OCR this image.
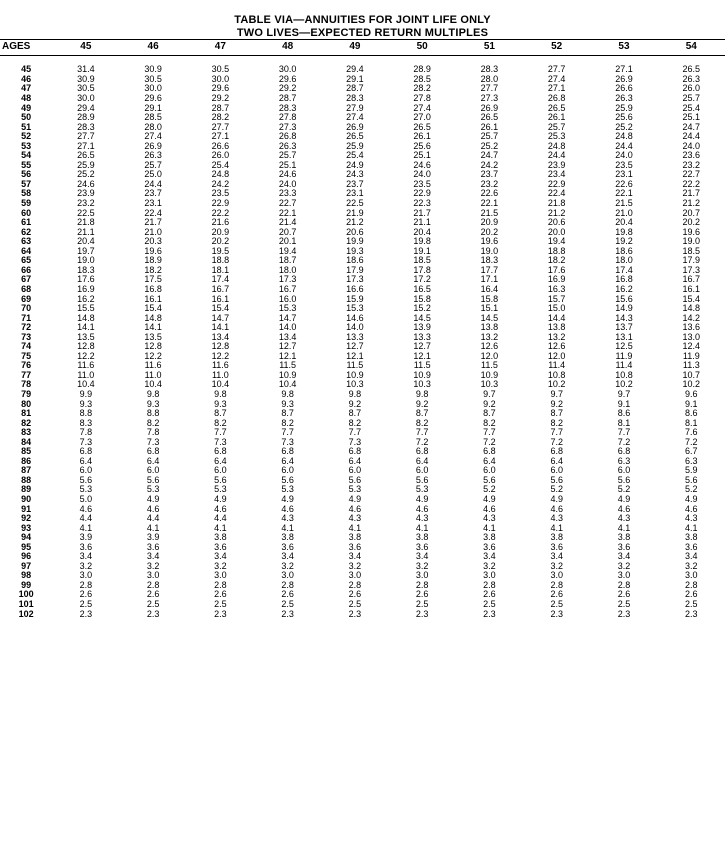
TABLE VIA—ANNUITIES FOR JOINT LIFE ONLY
TWO LIVES—EXPECTED RETURN MULTIPLES
AGES	45	46	47	48	49	50	51	52	53	54

45	31.4	30.9	30.5	30.0	29.4	28.9	28.3	27.7	27.1	26.5
46	30.9	30.5	30.0	29.6	29.1	28.5	28.0	27.4	26.9	26.3
47	30.5	30.0	29.6	29.2	28.7	28.2	27.7	27.1	26.6	26.0
48	30.0	29.6	29.2	28.7	28.3	27.8	27.3	26.8	26.3	25.7
49	29.4	29.1	28.7	28.3	27.9	27.4	26.9	26.5	25.9	25.4
50	28.9	28.5	28.2	27.8	27.4	27.0	26.5	26.1	25.6	25.1
51	28.3	28.0	27.7	27.3	26.9	26.5	26.1	25.7	25.2	24.7
52	27.7	27.4	27.1	26.8	26.5	26.1	25.7	25.3	24.8	24.4
53	27.1	26.9	26.6	26.3	25.9	25.6	25.2	24.8	24.4	24.0
54	26.5	26.3	26.0	25.7	25.4	25.1	24.7	24.4	24.0	23.6
55	25.9	25.7	25.4	25.1	24.9	24.6	24.2	23.9	23.5	23.2
56	25.2	25.0	24.8	24.6	24.3	24.0	23.7	23.4	23.1	22.7
57	24.6	24.4	24.2	24.0	23.7	23.5	23.2	22.9	22.6	22.2
58	23.9	23.7	23.5	23.3	23.1	22.9	22.6	22.4	22.1	21.7
59	23.2	23.1	22.9	22.7	22.5	22.3	22.1	21.8	21.5	21.2
60	22.5	22.4	22.2	22.1	21.9	21.7	21.5	21.2	21.0	20.7
61	21.8	21.7	21.6	21.4	21.2	21.1	20.9	20.6	20.4	20.2
62	21.1	21.0	20.9	20.7	20.6	20.4	20.2	20.0	19.8	19.6
63	20.4	20.3	20.2	20.1	19.9	19.8	19.6	19.4	19.2	19.0
64	19.7	19.6	19.5	19.4	19.3	19.1	19.0	18.8	18.6	18.5
65	19.0	18.9	18.8	18.7	18.6	18.5	18.3	18.2	18.0	17.9
66	18.3	18.2	18.1	18.0	17.9	17.8	17.7	17.6	17.4	17.3
67	17.6	17.5	17.4	17.3	17.3	17.2	17.1	16.9	16.8	16.7
68	16.9	16.8	16.7	16.7	16.6	16.5	16.4	16.3	16.2	16.1
69	16.2	16.1	16.1	16.0	15.9	15.8	15.8	15.7	15.6	15.4
70	15.5	15.4	15.4	15.3	15.3	15.2	15.1	15.0	14.9	14.8
71	14.8	14.8	14.7	14.7	14.6	14.5	14.5	14.4	14.3	14.2
72	14.1	14.1	14.1	14.0	14.0	13.9	13.8	13.8	13.7	13.6
73	13.5	13.5	13.4	13.4	13.3	13.3	13.2	13.2	13.1	13.0
74	12.8	12.8	12.8	12.7	12.7	12.7	12.6	12.6	12.5	12.4
75	12.2	12.2	12.2	12.1	12.1	12.1	12.0	12.0	11.9	11.9
76	11.6	11.6	11.6	11.5	11.5	11.5	11.5	11.4	11.4	11.3
77	11.0	11.0	11.0	10.9	10.9	10.9	10.9	10.8	10.8	10.7
78	10.4	10.4	10.4	10.4	10.3	10.3	10.3	10.2	10.2	10.2
79	9.9	9.8	9.8	9.8	9.8	9.8	9.7	9.7	9.7	9.6
80	9.3	9.3	9.3	9.3	9.2	9.2	9.2	9.2	9.1	9.1
81	8.8	8.8	8.7	8.7	8.7	8.7	8.7	8.7	8.6	8.6
82	8.3	8.2	8.2	8.2	8.2	8.2	8.2	8.2	8.1	8.1
83	7.8	7.8	7.7	7.7	7.7	7.7	7.7	7.7	7.7	7.6
84	7.3	7.3	7.3	7.3	7.3	7.2	7.2	7.2	7.2	7.2
85	6.8	6.8	6.8	6.8	6.8	6.8	6.8	6.8	6.8	6.7
86	6.4	6.4	6.4	6.4	6.4	6.4	6.4	6.4	6.3	6.3
87	6.0	6.0	6.0	6.0	6.0	6.0	6.0	6.0	6.0	5.9
88	5.6	5.6	5.6	5.6	5.6	5.6	5.6	5.6	5.6	5.6
89	5.3	5.3	5.3	5.3	5.3	5.3	5.2	5.2	5.2	5.2
90	5.0	4.9	4.9	4.9	4.9	4.9	4.9	4.9	4.9	4.9
91	4.6	4.6	4.6	4.6	4.6	4.6	4.6	4.6	4.6	4.6
92	4.4	4.4	4.4	4.3	4.3	4.3	4.3	4.3	4.3	4.3
93	4.1	4.1	4.1	4.1	4.1	4.1	4.1	4.1	4.1	4.1
94	3.9	3.9	3.8	3.8	3.8	3.8	3.8	3.8	3.8	3.8
95	3.6	3.6	3.6	3.6	3.6	3.6	3.6	3.6	3.6	3.6
96	3.4	3.4	3.4	3.4	3.4	3.4	3.4	3.4	3.4	3.4
97	3.2	3.2	3.2	3.2	3.2	3.2	3.2	3.2	3.2	3.2
98	3.0	3.0	3.0	3.0	3.0	3.0	3.0	3.0	3.0	3.0
99	2.8	2.8	2.8	2.8	2.8	2.8	2.8	2.8	2.8	2.8
100	2.6	2.6	2.6	2.6	2.6	2.6	2.6	2.6	2.6	2.6
101	2.5	2.5	2.5	2.5	2.5	2.5	2.5	2.5	2.5	2.5
102	2.3	2.3	2.3	2.3	2.3	2.3	2.3	2.3	2.3	2.3
